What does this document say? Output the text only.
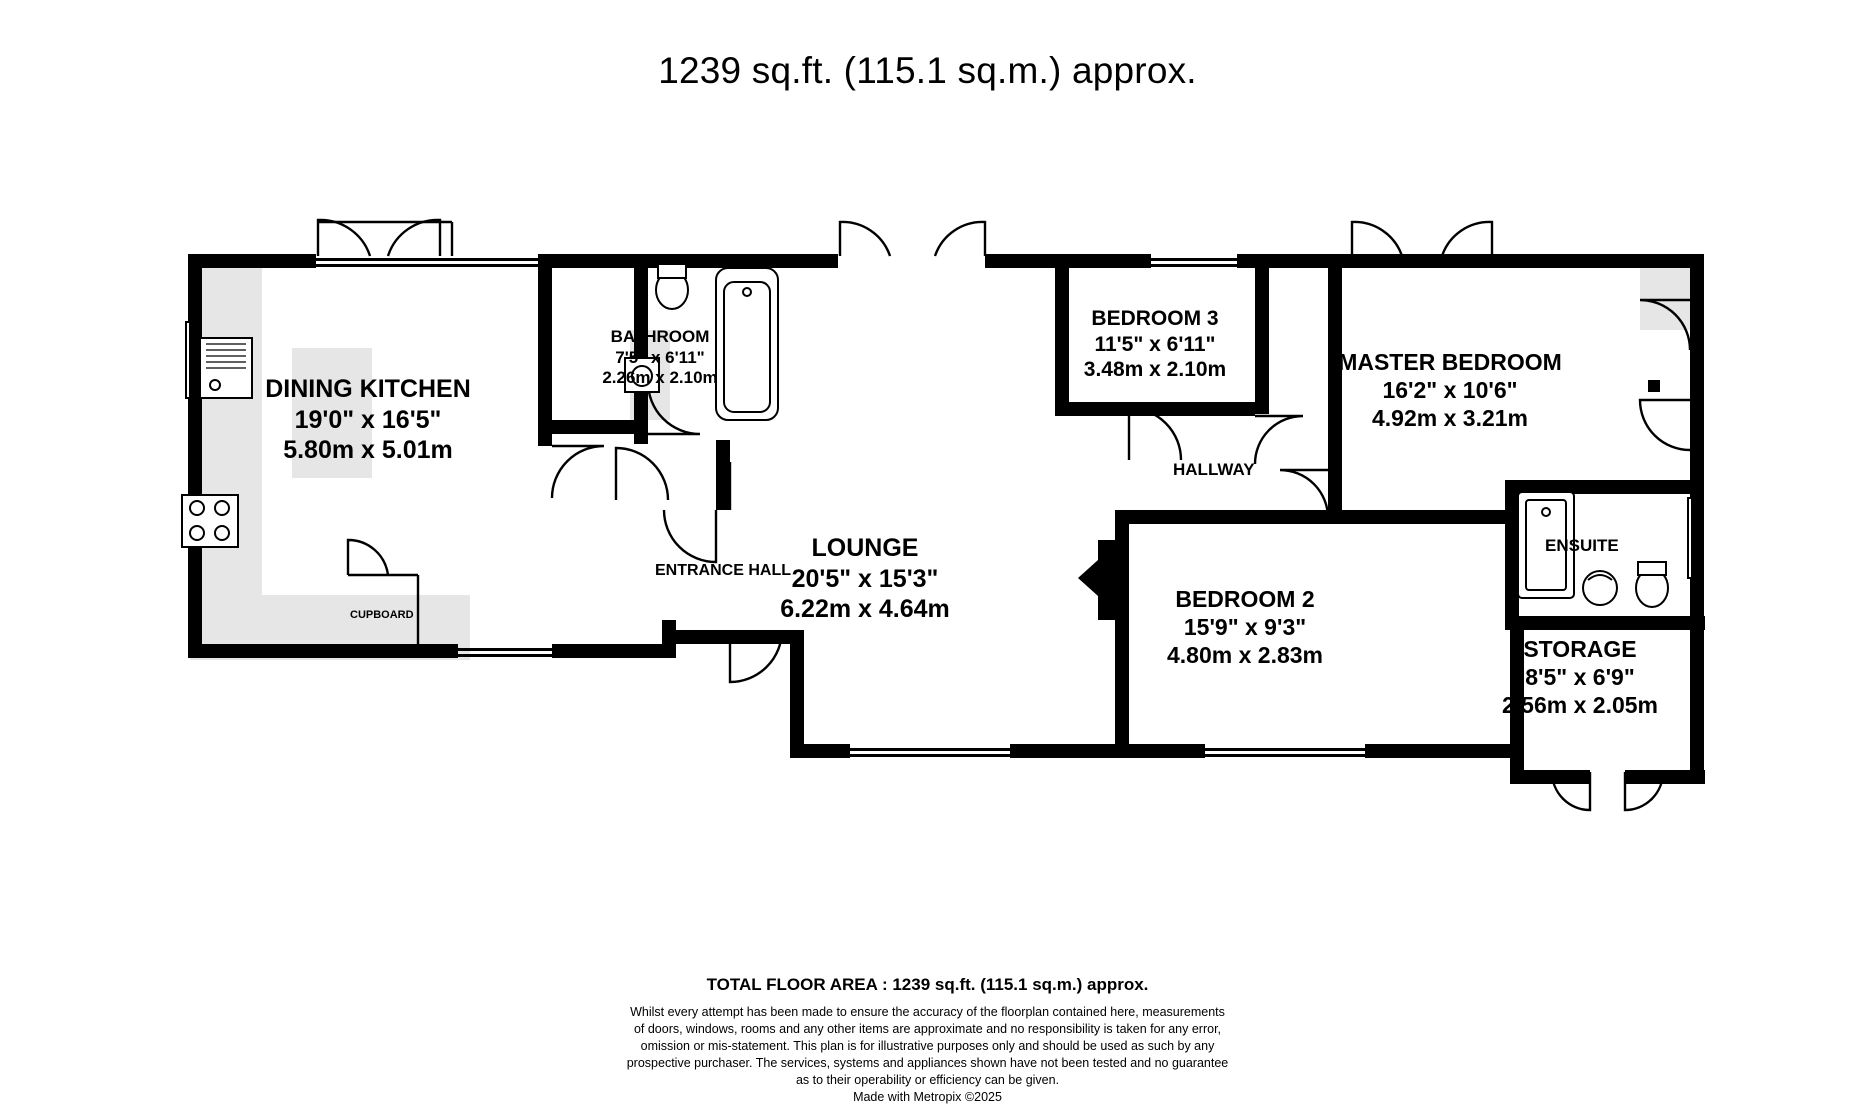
1239 sq.ft. (115.1 sq.m.) approx.
DINING KITCHEN
19'0" x 16'5"
5.80m x 5.01m
BATHROOM
7'5" x 6'11"
2.26m x 2.10m
LOUNGE
20'5" x 15'3"
6.22m x 4.64m
BEDROOM 3
11'5" x 6'11"
3.48m x 2.10m	MASTER BEDROOM
16'2" x 10'6"
4.92m x 3.21m
BEDROOM 2
15'9" x 9'3"
4.80m x 2.83m	STORAGE
8'5" x 6'9"
2.56m x 2.05m
ENTRANCE HALL
CUPBOARD
HALLWAY
ENSUITE
TOTAL FLOOR AREA : 1239 sq.ft. (115.1 sq.m.) approx.
Whilst every attempt has been made to ensure the accuracy of the floorplan contained here, measurements
of doors, windows, rooms and any other items are approximate and no responsibility is taken for any error,
omission or mis-statement. This plan is for illustrative purposes only and should be used as such by any
prospective purchaser. The services, systems and appliances shown have not been tested and no guarantee
as to their operability or efficiency can be given.
Made with Metropix ©2025
